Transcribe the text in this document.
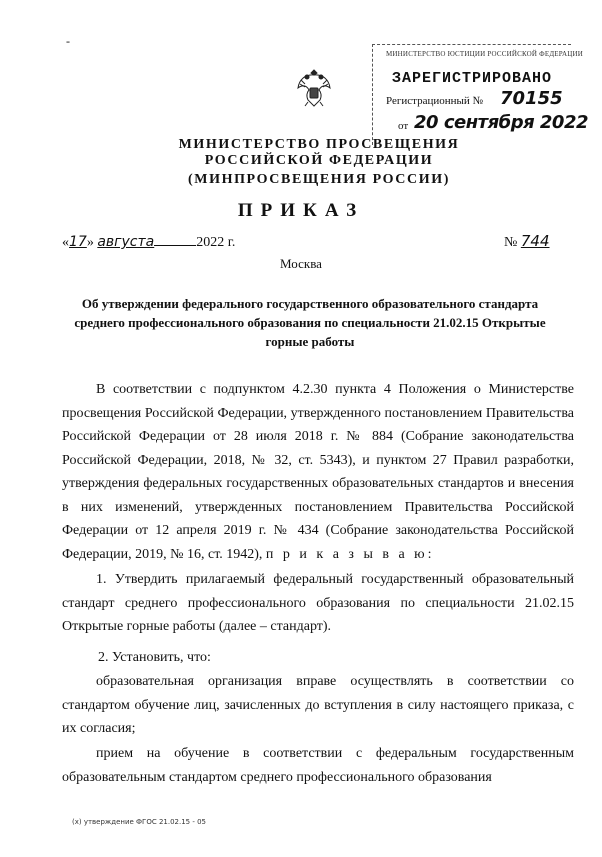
-
МИНИСТЕРСТВО ЮСТИЦИИ РОССИЙСКОЙ ФЕДЕРАЦИИ
ЗАРЕГИСТРИРОВАНО
Регистрационный № 70155
от 20 сентября 2022
МИНИСТЕРСТВО ПРОСВЕЩЕНИЯ
РОССИЙСКОЙ ФЕДЕРАЦИИ
(МИНПРОСВЕЩЕНИЯ РОССИИ)
ПРИКАЗ
«17» августа	2022 г.	№ 744
Москва
Об утверждении федерального государственного образовательного стандарта среднего профессионального образования по специальности 21.02.15 Открытые горные работы
В соответствии с подпунктом 4.2.30 пункта 4 Положения о Министерстве просвещения Российской Федерации, утвержденного постановлением Правительства Российской Федерации от 28 июля 2018 г. № 884 (Собрание законодательства Российской Федерации, 2018, № 32, ст. 5343), и пунктом 27 Правил разработки, утверждения федеральных государственных образовательных стандартов и внесения в них изменений, утвержденных постановлением Правительства Российской Федерации от 12 апреля 2019 г. № 434 (Собрание законодательства Российской Федерации, 2019, № 16, ст. 1942), п р и к а з ы в а ю:
1. Утвердить прилагаемый федеральный государственный образовательный стандарт среднего профессионального образования по специальности 21.02.15 Открытые горные работы (далее – стандарт).
2. Установить, что:
образовательная организация вправе осуществлять в соответствии со стандартом обучение лиц, зачисленных до вступления в силу настоящего приказа, с их согласия;
прием на обучение в соответствии с федеральным государственным образовательным стандартом среднего профессионального образования
(х) утверждение ФГОС 21.02.15 - 05
